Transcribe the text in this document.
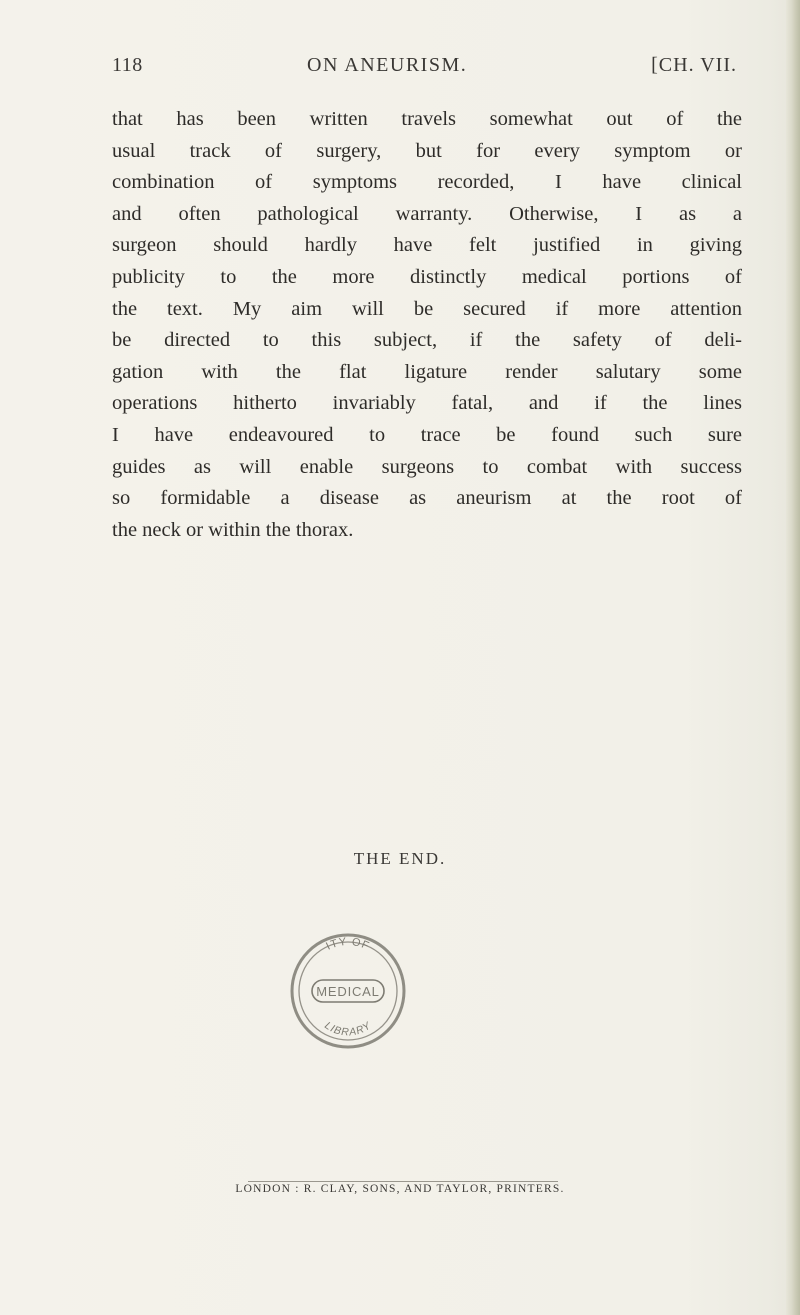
118	ON ANEURISM.	[CH. VII.
that has been written travels somewhat out of the
usual track of surgery, but for every symptom or
combination of symptoms recorded, I have clinical
and often pathological warranty. Otherwise, I as a
surgeon should hardly have felt justified in giving
publicity to the more distinctly medical portions of
the text. My aim will be secured if more attention
be directed to this subject, if the safety of deli-
gation with the flat ligature render salutary some
operations hitherto invariably fatal, and if the lines
I have endeavoured to trace be found such sure
guides as will enable surgeons to combat with success
so formidable a disease as aneurism at the root of
the neck or within the thorax.
THE END.
ITY OF
MEDICAL
LIBRARY
LONDON : R. CLAY, SONS, AND TAYLOR, PRINTERS.
